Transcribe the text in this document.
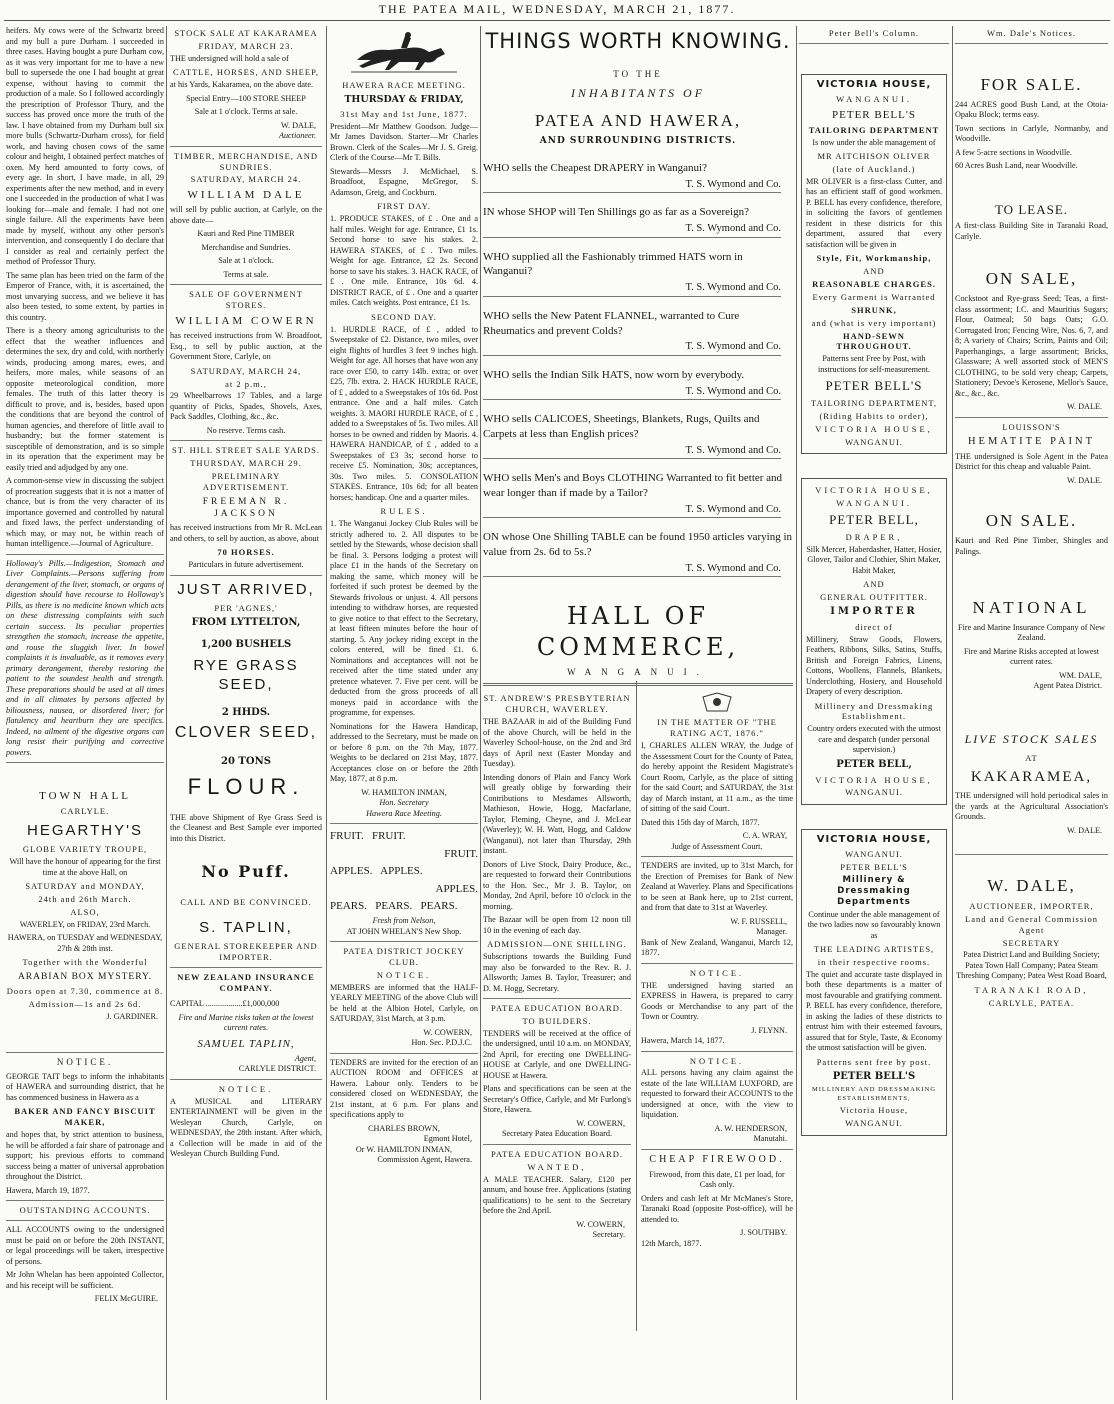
THE PATEA MAIL, WEDNESDAY, MARCH 21, 1877.

heifers. My cows were of the Schwartz breed and my bull a pure Durham. I succeeded in three cases. Having bought a pure Durham cow, as it was very important for me to have a new bull to supersede the one I had bought at great expense, without having to commit the production of a male. So I followed accordingly the prescription of Professor Thury, and the success has proved once more the truth of the law. I have obtained from my Durham bull six more bulls (Schwartz-Durham cross), for field work, and having chosen cows of the same colour and height, I obtained perfect matches of oxen. My herd amounted to forty cows, of every age. In short, I have made, in all, 29 experiments after the new method, and in every one I succeeded in the production of what I was looking for—male and female. I had not one single failure. All the experiments have been made by myself, without any other person's intervention, and consequently I do declare that I consider as real and certainly perfect the method of Professor Thury.

The same plan has been tried on the farm of the Emperor of France, with, it is ascertained, the most unvarying success, and we believe it has also been tested, to some extent, by parties in this country.

There is a theory among agriculturists to the effect that the weather influences and determines the sex, dry and cold, with northerly winds, producing among mares, ewes, and heifers, more males, while seasons of an opposite meteorological condition, more females. The truth of this latter theory is difficult to prove, and is, besides, based upon the conditions that are beyond the control of human agencies, and therefore of little avail to husbandry; but the former statement is susceptible of demonstration, and is so simple in its operation that the experiment may be easily tried and adjudged by any one.

A common-sense view in discussing the subject of procreation suggests that it is not a matter of chance, but is from the very character of its importance governed and controlled by natural and fixed laws, the perfect understanding of which may, or may not, be within reach of human intelligence.—Journal of Agriculture.

Holloway's Pills.—Indigestion, Stomach and Liver Complaints.—Persons suffering from derangement of the liver, stomach, or organs of digestion should have recourse to Holloway's Pills, as there is no medicine known which acts on these distressing complaints with such certain success. Its peculiar properties strengthen the stomach, increase the appetite, and rouse the sluggish liver. In bowel complaints it is invaluable, as it removes every primary derangement, thereby restoring the patient to the soundest health and strength. These preparations should be used at all times and in all climates by persons affected by biliousness, nausea, or disordered liver; for flatulency and heartburn they are specifics. Indeed, no ailment of the digestive organs can long resist their purifying and corrective powers.

TOWN HALL
CARLYLE.
HEGARTHY'S
GLOBE VARIETY TROUPE,

Will have the honour of appearing for the first time at the above Hall, on

SATURDAY and MONDAY,
24th and 26th March.
ALSO,

WAVERLEY, on FRIDAY, 23rd March.

HAWERA, on TUESDAY and WEDNESDAY, 27th & 28th inst.

Together with the Wonderful
ARABIAN BOX MYSTERY.
Doors open at 7.30, commence at 8.
Admission—1s and 2s 6d.
J. GARDINER.
NOTICE.

GEORGE TAIT begs to inform the inhabitants of HAWERA and surrounding district, that he has commenced business in Hawera as a

BAKER AND FANCY BISCUIT MAKER,

and hopes that, by strict attention to business, he will be afforded a fair share of patronage and support; his previous efforts to command success being a matter of universal approbation throughout the District.

Hawera, March 19, 1877.

OUTSTANDING ACCOUNTS.

ALL ACCOUNTS owing to the undersigned must be paid on or before the 20th INSTANT, or legal proceedings will be taken, irrespective of persons.

Mr John Whelan has been appointed Collector, and his receipt will be sufficient.

FELIX McGUIRE.
STOCK SALE AT KAKARAMEA
FRIDAY, MARCH 23.

THE undersigned will hold a sale of

CATTLE, HORSES, AND SHEEP,

at his Yards, Kakaramea, on the above date.

Special Entry—100 STORE SHEEP

Sale at 1 o'clock. Terms at sale.

W. DALE,
Auctioneer.
TIMBER, MERCHANDISE, AND SUNDRIES.
SATURDAY, MARCH 24.
WILLIAM DALE

will sell by public auction, at Carlyle, on the above date—

Kauri and Red Pine TIMBER

Merchandise and Sundries.

Sale at 1 o'clock.

Terms at sale.

SALE OF GOVERNMENT STORES.
WILLIAM COWERN

has received instructions from W. Broadfoot, Esq., to sell by public auction, at the Government Store, Carlyle, on

SATURDAY, MARCH 24,
at 2 p.m.,

29 Wheelbarrows 17 Tables, and a large quantity of Picks, Spades, Shovels, Axes, Pack Saddles, Clothing, &c., &c.

No reserve. Terms cash.

ST. HILL STREET SALE YARDS.
THURSDAY, MARCH 29.
PRELIMINARY ADVERTISEMENT.
FREEMAN R. JACKSON

has received instructions from Mr R. McLean and others, to sell by auction, as above, about

70 HORSES.

Particulars in future advertisement.

JUST ARRIVED,
PER 'AGNES,'
FROM LYTTELTON,
1,200 BUSHELS
RYE GRASS SEED,
2 HHDS.
CLOVER SEED,
20 TONS
FLOUR.

THE above Shipment of Rye Grass Seed is the Cleanest and Best Sample ever imported into this District.

No Puff.
CALL AND BE CONVINCED.
S. TAPLIN,
GENERAL STOREKEEPER AND IMPORTER.
NEW ZEALAND INSURANCE COMPANY.

CAPITAL ..................£1,000,000

Fire and Marine risks taken at the lowest current rates.

SAMUEL TAPLIN,
Agent,
CARLYLE DISTRICT.
NOTICE.

A MUSICAL and LITERARY ENTERTAINMENT will be given in the Wesleyan Church, Carlyle, on WEDNESDAY, the 28th instant. After which, a Collection will be made in aid of the Wesleyan Church Building Fund.

HAWERA RACE MEETING.
THURSDAY & FRIDAY,
31st May and 1st June, 1877.

President—Mr Matthew Goodson. Judge—Mr James Davidson. Starter—Mr Charles Brown. Clerk of the Scales—Mr J. S. Greig. Clerk of the Course—Mr T. Bills.

Stewards—Messrs J. McMichael, S. Broadfoot, Espagne, McGregor, S. Adamson, Greig, and Cockburn.

FIRST DAY.

1. PRODUCE STAKES, of £ . One and a half miles. Weight for age. Entrance, £1 1s. Second horse to save his stakes. 2. HAWERA STAKES, of £ . Two miles. Weight for age. Entrance, £2 2s. Second horse to save his stakes. 3. HACK RACE, of £ . One mile. Entrance, 10s 6d. 4. DISTRICT RACE, of £ . One and a quarter miles. Catch weights. Post entrance, £1 1s.

SECOND DAY.

1. HURDLE RACE, of £ , added to Sweepstake of £2. Distance, two miles, over eight flights of hurdles 3 feet 9 inches high. Weight for age. All horses that have won any race over £50, to carry 14lb. extra; or over £25, 7lb. extra. 2. HACK HURDLE RACE, of £ , added to a Sweepstakes of 10s 6d. Post entrance. One and a half miles. Catch weights. 3. MAORI HURDLE RACE, of £ , added to a Sweepstakes of 5s. Two miles. All horses to be owned and ridden by Maoris. 4. HAWERA HANDICAP, of £ , added to a Sweepstakes of £3 3s; second horse to receive £5. Nomination, 30s; acceptances, 30s. Two miles. 5. CONSOLATION STAKES. Entrance, 10s 6d; for all beaten horses; handicap. One and a quarter miles.

RULES.

1. The Wanganui Jockey Club Rules will be strictly adhered to. 2. All disputes to be settled by the Stewards, whose decision shall be final. 3. Persons lodging a protest will place £1 in the hands of the Secretary on making the same, which money will be forfeited if such protest be deemed by the Stewards frivolous or unjust. 4. All persons intending to withdraw horses, are requested to give notice to that effect to the Secretary, at least fifteen minutes before the hour of starting. 5. Any jockey riding except in the colors entered, will be fined £1. 6. Nominations and acceptances will not be received after the time stated under any pretence whatever. 7. Five per cent. will be deducted from the gross proceeds of all moneys paid in accordance with the programme, for expenses.

Nominations for the Hawera Handicap, addressed to the Secretary, must be made on or before 8 p.m. on the 7th May, 1877. Weights to be declared on 21st May, 1877. Acceptances close on or before the 28th May, 1877, at 8 p.m.

W. HAMILTON INMAN,
Hon. Secretary
Hawera Race Meeting.
FRUIT. FRUIT.
FRUIT.
APPLES. APPLES.
APPLES.
PEARS. PEARS. PEARS.
Fresh from Nelson,
AT JOHN WHELAN'S New Shop.
PATEA DISTRICT JOCKEY CLUB.
NOTICE.

MEMBERS are informed that the HALF-YEARLY MEETING of the above Club will be held at the Albion Hotel, Carlyle, on SATURDAY, 31st March, at 3 p.m.

W. COWERN,
Hon. Sec. P.D.J.C.

TENDERS are invited for the erection of an AUCTION ROOM and OFFICES at Hawera. Labour only. Tenders to be considered closed on WEDNESDAY, the 21st instant, at 6 p.m. For plans and specifications apply to

CHARLES BROWN,
Egmont Hotel,
Or W. HAMILTON INMAN,
Commission Agent, Hawera.
THINGS WORTH KNOWING.
TO THE
INHABITANTS OF
PATEA AND HAWERA,
AND SURROUNDING DISTRICTS.
WHO sells the Cheapest DRAPERY in Wanganui?
T. S. Wymond and Co.
IN whose SHOP will Ten Shillings go as far as a Sovereign?
T. S. Wymond and Co.
WHO supplied all the Fashionably trimmed HATS worn in Wanganui?
T. S. Wymond and Co.
WHO sells the New Patent FLANNEL, warranted to Cure Rheumatics and prevent Colds?
T. S. Wymond and Co.
WHO sells the Indian Silk HATS, now worn by everybody.
T. S. Wymond and Co.
WHO sells CALICOES, Sheetings, Blankets, Rugs, Quilts and Carpets at less than English prices?
T. S. Wymond and Co.
WHO sells Men's and Boys CLOTHING Warranted to fit better and wear longer than if made by a Tailor?
T. S. Wymond and Co.
ON whose One Shilling TABLE can be found 1950 articles varying in value from 2s. 6d to 5s.?
T. S. Wymond and Co.
HALL OF COMMERCE,
WANGANUI.
ST. ANDREW'S PRESBYTERIAN CHURCH, WAVERLEY.

THE BAZAAR in aid of the Building Fund of the above Church, will be held in the Waverley School-house, on the 2nd and 3rd days of April next (Easter Monday and Tuesday).

Intending donors of Plain and Fancy Work will greatly oblige by forwarding their Contributions to Mesdames Allsworth, Mathieson, Howie, Hogg, Macfarlane, Taylor, Fleming, Cheyne, and J. McLear (Waverley); W. H. Watt, Hogg, and Caldow (Wanganui), not later than Thursday, 29th instant.

Donors of Live Stock, Dairy Produce, &c., are requested to forward their Contributions to the Hon. Sec., Mr J. B. Taylor, on Monday, 2nd April, before 10 o'clock in the morning.

The Bazaar will be open from 12 noon till 10 in the evening of each day.

ADMISSION—ONE SHILLING.

Subscriptions towards the Building Fund may also be forwarded to the Rev. R. J. Allsworth; James B. Taylor, Treasurer; and D. M. Hogg, Secretary.

PATEA EDUCATION BOARD.
TO BUILDERS.

TENDERS will be received at the office of the undersigned, until 10 a.m. on MONDAY, 2nd April, for erecting one DWELLING-HOUSE at Carlyle, and one DWELLING-HOUSE at Hawera.

Plans and specifications can be seen at the Secretary's Office, Carlyle, and Mr Furlong's Store, Hawera.

W. COWERN,
Secretary Patea Education Board.
PATEA EDUCATION BOARD.
WANTED,

A MALE TEACHER. Salary, £120 per annum, and house free. Applications (stating qualifications) to be sent to the Secretary before the 2nd April.

W. COWERN,
Secretary.
IN THE MATTER OF "THE RATING ACT, 1876."

I, CHARLES ALLEN WRAY, the Judge of the Assessment Court for the County of Patea, do hereby appoint the Resident Magistrate's Court Room, Carlyle, as the place of sitting for the said Court; and SATURDAY, the 31st day of March instant, at 11 a.m., as the time of sitting of the said Court.

Dated this 15th day of March, 1877.

C. A. WRAY,
Judge of Assessment Court.

TENDERS are invited, up to 31st March, for the Erection of Premises for Bank of New Zealand at Waverley. Plans and Specifications to be seen at Bank here, up to 21st current, and from that date to 31st at Waverley.

W. F. RUSSELL,
Manager.

Bank of New Zealand, Wanganui, March 12, 1877.

NOTICE.

THE undersigned having started an EXPRESS in Hawera, is prepared to carry Goods or Merchandise to any part of the Town or Country.

J. FLYNN.

Hawera, March 14, 1877.

NOTICE.

ALL persons having any claim against the estate of the late WILLIAM LUXFORD, are requested to forward their ACCOUNTS to the undersigned at once, with the view to liquidation.

A. W. HENDERSON,
Manutahi.
CHEAP FIREWOOD.

Firewood, from this date, £1 per load, for Cash only.

Orders and cash left at Mr McManes's Store, Taranaki Road (opposite Post-office), will be attended to.

J. SOUTHBY.

12th March, 1877.

Peter Bell's Column.
VICTORIA HOUSE,
WANGANUI.
PETER BELL'S
TAILORING DEPARTMENT

Is now under the able management of

MR AITCHISON OLIVER
(late of Auckland.)

MR OLIVER is a first-class Cutter, and has an efficient staff of good workmen. P. BELL has every confidence, therefore, in soliciting the favors of gentlemen resident in these districts for this department, assured that every satisfaction will be given in

Style, Fit, Workmanship,
AND
REASONABLE CHARGES.
Every Garment is Warranted
SHRUNK,
and (what is very important)
HAND-SEWN THROUGHOUT.

Patterns sent Free by Post, with instructions for self-measurement.

PETER BELL'S
TAILORING DEPARTMENT,
(Riding Habits to order),
VICTORIA HOUSE,
WANGANUI.
VICTORIA HOUSE,
WANGANUI.
PETER BELL,
DRAPER,

Silk Mercer, Haberdasher, Hatter, Hosier, Glover, Tailor and Clothier, Shirt Maker, Habit Maker,

AND
GENERAL OUTFITTER.
IMPORTER
direct of

Millinery, Straw Goods, Flowers, Feathers, Ribbons, Silks, Satins, Stuffs, British and Foreign Fabrics, Linens, Cottons, Woollens, Flannels, Blankets, Underclothing, Hosiery, and Household Drapery of every description.

Millinery and Dressmaking Establishment.

Country orders executed with the utmost care and despatch (under personal supervision.)

PETER BELL,
VICTORIA HOUSE,
WANGANUI.
VICTORIA HOUSE,
WANGANUI.
PETER BELL'S
Millinery & Dressmaking Departments

Continue under the able management of the two ladies now so favourably known as

THE LEADING ARTISTES,
in their respective rooms.

The quiet and accurate taste displayed in both these departments is a matter of most favourable and gratifying comment. P. BELL has every confidence, therefore, in asking the ladies of these districts to entrust him with their esteemed favours, assured that for Style, Taste, & Economy the utmost satisfaction will be given.

Patterns sent free by post.
PETER BELL'S
MILLINERY AND DRESSMAKING ESTABLISHMENTS,
Victoria House,
WANGANUI.
Wm. Dale's Notices.
FOR SALE.

244 ACRES good Bush Land, at the Otoia-Opaku Block; terms easy.

Town sections in Carlyle, Normanby, and Woodville.

A few 5-acre sections in Woodville.

60 Acres Bush Land, near Woodville.

TO LEASE.

A first-class Building Site in Taranaki Road, Carlyle.

ON SALE,

Cockstoot and Rye-grass Seed; Teas, a first-class assortment; I.C. and Mauritius Sugars; Flour, Oatmeal; 50 bags Oats; G.O. Corrugated Iron; Fencing Wire, Nos. 6, 7, and 8; A variety of Chairs; Scrim, Paints and Oil; Paperhangings, a large assortment; Bricks, Glassware; A well assorted stock of MEN'S CLOTHING, to be sold very cheap; Carpets, Stationery; Devoe's Kerosene, Mellor's Sauce, &c., &c., &c.

W. DALE.
LOUISSON'S
HEMATITE PAINT

THE undersigned is Sole Agent in the Patea District for this cheap and valuable Paint.

W. DALE.
ON SALE.

Kauri and Red Pine Timber, Shingles and Palings.

NATIONAL

Fire and Marine Insurance Company of New Zealand.

Fire and Marine Risks accepted at lowest current rates.

WM. DALE,
Agent Patea District.
LIVE STOCK SALES
AT
KAKARAMEA,

THE undersigned will hold periodical sales in the yards at the Agricultural Association's Grounds.

W. DALE.
W. DALE,
AUCTIONEER, IMPORTER,
Land and General Commission Agent
SECRETARY

Patea District Land and Building Society; Patea Town Hall Company; Patea Steam Threshing Company; Patea West Road Board,

TARANAKI ROAD,
CARLYLE, PATEA.
